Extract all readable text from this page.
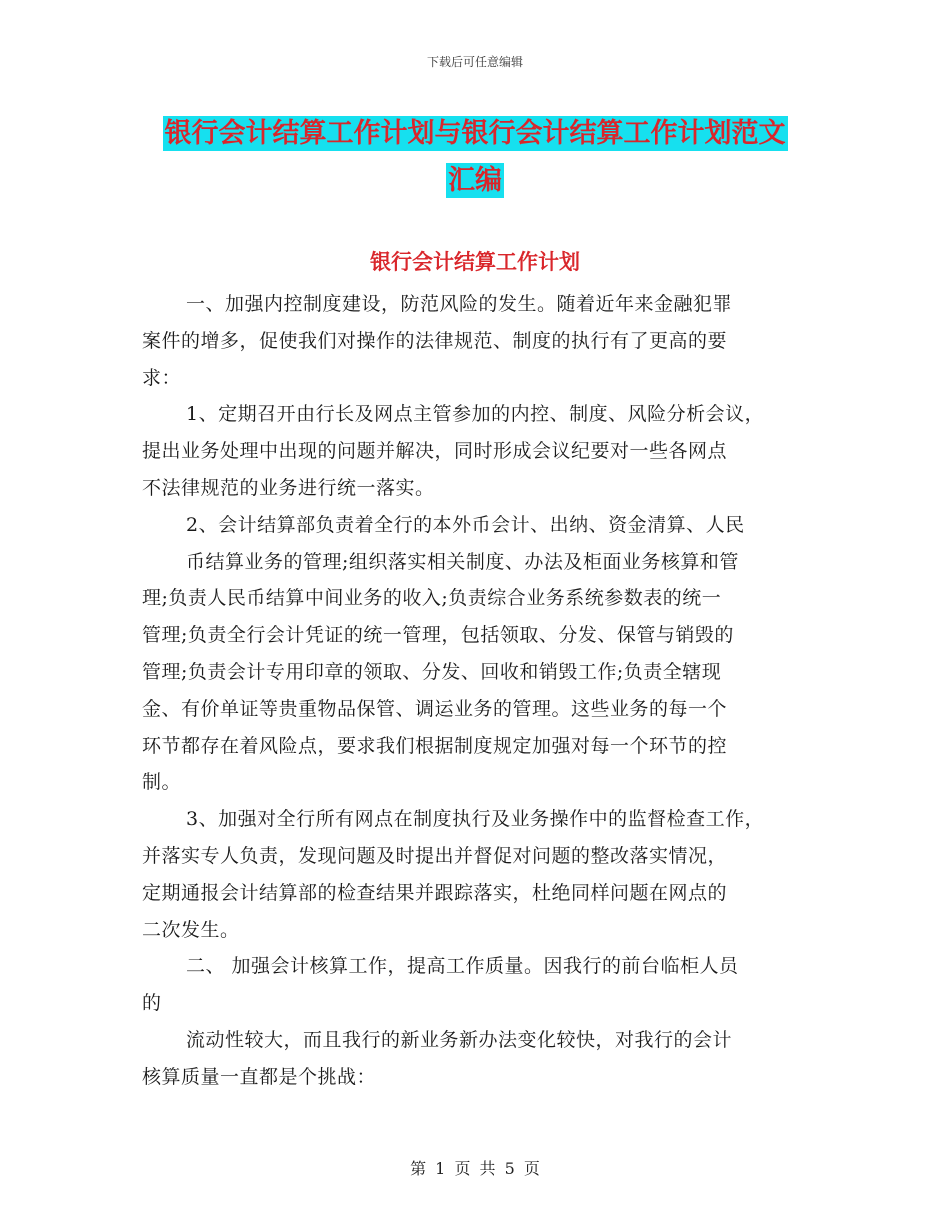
下载后可任意编辑
银行会计结算工作计划与银行会计结算工作计划范文
汇编
银行会计结算工作计划
一、加强内控制度建设，防范风险的发生。随着近年来金融犯罪
案件的增多，促使我们对操作的法律规范、制度的执行有了更高的要
求：
1、定期召开由行长及网点主管参加的内控、制度、风险分析会议，
提出业务处理中出现的问题并解决，同时形成会议纪要对一些各网点
不法律规范的业务进行统一落实。
2、会计结算部负责着全行的本外币会计、出纳、资金清算、人民
币结算业务的管理;组织落实相关制度、办法及柜面业务核算和管
理;负责人民币结算中间业务的收入;负责综合业务系统参数表的统一
管理;负责全行会计凭证的统一管理，包括领取、分发、保管与销毁的
管理;负责会计专用印章的领取、分发、回收和销毁工作;负责全辖现
金、有价单证等贵重物品保管、调运业务的管理。这些业务的每一个
环节都存在着风险点，要求我们根据制度规定加强对每一个环节的控
制。
3、加强对全行所有网点在制度执行及业务操作中的监督检查工作，
并落实专人负责，发现问题及时提出并督促对问题的整改落实情况，
定期通报会计结算部的检查结果并跟踪落实，杜绝同样问题在网点的
二次发生。
二、 加强会计核算工作，提高工作质量。因我行的前台临柜人员
的
流动性较大，而且我行的新业务新办法变化较快，对我行的会计
核算质量一直都是个挑战：
第 1 页 共 5 页
